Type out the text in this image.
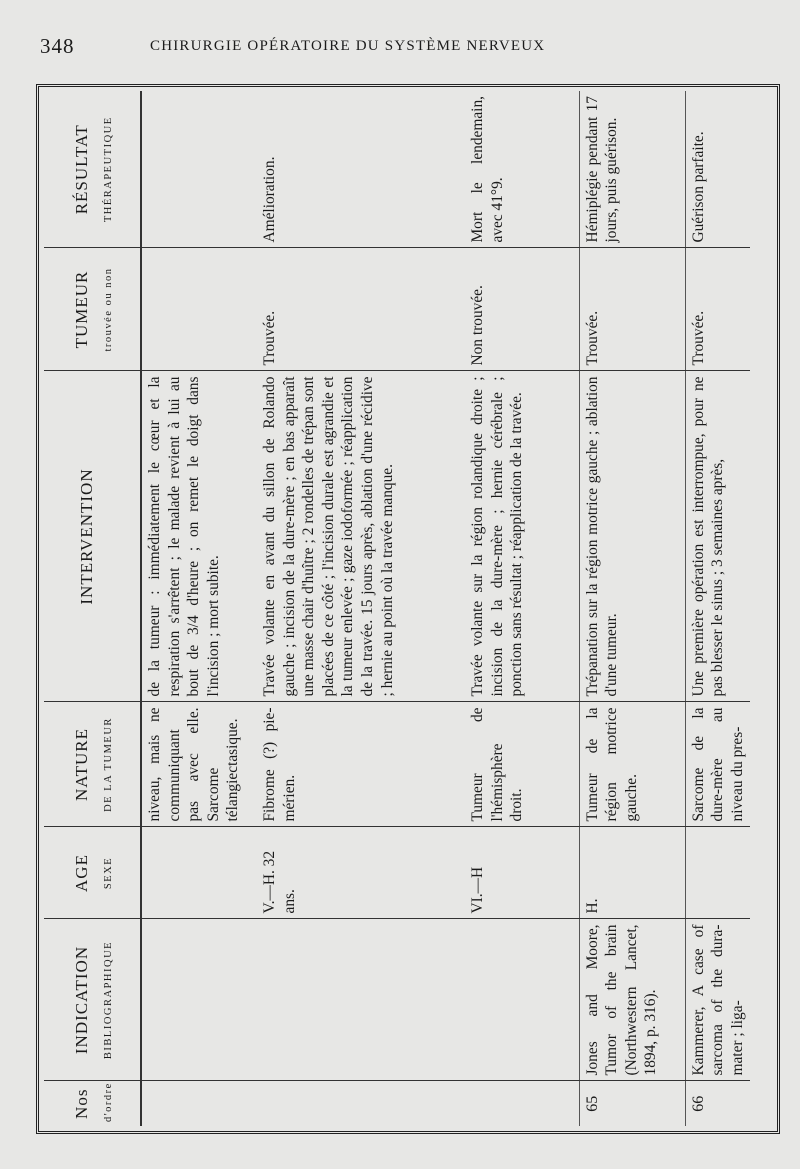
348	CHIRURGIE OPÉRATOIRE DU SYSTÈME NERVEUX
Nos d'ordre	INDICATION BIBLIOGRAPHIQUE	AGE SEXE	NATURE DE LA TUMEUR	INTERVENTION	TUMEUR trouvée ou non	RÉSULTAT THÉRAPEUTIQUE

			niveau, mais ne communiquant pas avec elle. Sarcome télangiectasique.	de la tumeur : immédiatement le cœur et la respiration s'arrêtent ; le malade revient à lui au bout de 3/4 d'heure ; on remet le doigt dans l'incision ; mort subite.		
		V.—H. 32 ans.	Fibrome (?) pie-mérien.	Travée volante en avant du sillon de Rolando gauche ; incision de la dure-mère ; en bas apparaît une masse chair d'huître ; 2 rondelles de trépan sont placées de ce côté ; l'incision durale est agrandie et la tumeur enlevée ; gaze iodoformée ; réapplication de la travée. 15 jours après, ablation d'une récidive ; hernie au point où la travée manque.	Trouvée.	Amélioration.
		VI.—H	Tumeur de l'hémisphère droit.	Travée volante sur la région rolandique droite ; incision de la dure-mère ; hernie cérébrale ; ponction sans résultat ; réapplication de la travée.	Non trouvée.	Mort le lendemain, avec 41°9.
65	Jones and Moore, Tumor of the brain (Northwestern Lancet, 1894, p. 316).	H.	Tumeur de la région motrice gauche.	Trépanation sur la région motrice gauche ; ablation d'une tumeur.	Trouvée.	Hémiplégie pendant 17 jours, puis guérison.
66	Kammerer, A case of sarcoma of the dura-mater ; liga-		Sarcome de la dure-mère au niveau du pres-	Une première opération est interrompue, pour ne pas blesser le sinus ; 3 semaines après,	Trouvée.	Guérison parfaite.
